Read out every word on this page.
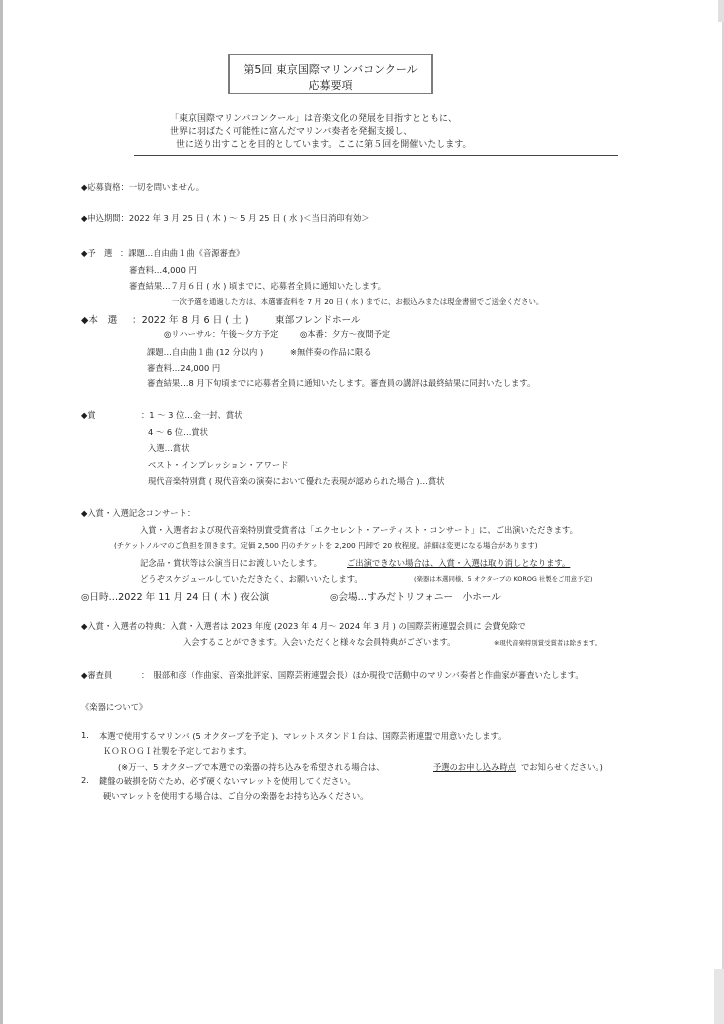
第5回 東京国際マリンバコンクール
応募要項
「東京国際マリンバコンクール」は音楽文化の発展を目指すとともに、
世界に羽ばたく可能性に富んだマリンバ奏者を発掘支援し、
世に送り出すことを目的としています。ここに第５回を開催いたします。
◆応募資格：一切を問いません。
◆申込期間：2022 年 3 月 25 日 ( 木 ) ～ 5 月 25 日 ( 水 )＜当日消印有効＞
◆予　選 ：課題…自由曲１曲《音源審査》
審査料…4,000 円
審査結果…７月６日 ( 水 ) 頃までに、応募者全員に通知いたします。
一次予選を通過した方は、本選審査料を 7 月 20 日 ( 水 ) までに、お振込みまたは現金書留でご送金ください。
◆本　選 ：2022 年 8 月 6 日 ( 土 )	東部フレンドホール
◎リハーサル：午後～夕方予定	◎本番：夕方～夜間予定
課題…自由曲１曲 (12 分以内 )	※無伴奏の作品に限る
審査料…24,000 円
審査結果…8 月下旬頃までに応募者全員に通知いたします。審査員の講評は最終結果に同封いたします。
◆賞	：1 ～ 3 位…金一封、賞状
4 ～ 6 位…賞状
入選…賞状
ベスト・インプレッション・アワード
現代音楽特別賞 ( 現代音楽の演奏において優れた表現が認められた場合 )…賞状
◆入賞・入選記念コンサート：
入賞・入選者および現代音楽特別賞受賞者は「エクセレント・アーティスト・コンサート」に、ご出演いただきます。
(チケットノルマのご負担を頂きます。定価 2,500 円のチケットを 2,200 円卸で 20 枚程度。詳細は変更になる場合があります)
記念品・賞状等は公演当日にお渡しいたします。	ご出演できない場合は、入賞・入選は取り消しとなります。
どうぞスケジュールしていただきたく、お願いいたします。	(楽器は本選同様、5 オクターブの KOROG 社製をご用意予定)
◎日時…2022 年 11 月 24 日 ( 木 ) 夜公演	◎会場…すみだトリフォニー　小ホール
◆入賞・入選者の特典：入賞・入選者は 2023 年度 (2023 年 4 月～ 2024 年 3 月 ) の国際芸術連盟会員に 会費免除で
入会することができます。入会いただくと様々な会員特典がございます。	※現代音楽特別賞受賞者は除きます。
◆審査員	：　服部和彦（作曲家、音楽批評家、国際芸術連盟会長）ほか現役で活動中のマリンバ奏者と作曲家が審査いたします。
《楽器について》
1. 本選で使用するマリンバ (5 オクターブを予定 )、マレットスタンド１台は、国際芸術連盟で用意いたします。
ＫＯＲＯＧＩ社製を予定しております。
(※万一、5 オクターブで本選での楽器の持ち込みを希望される場合は、	予選のお申し込み時点 でお知らせください。)
2. 鍵盤の破損を防ぐため、必ず硬くないマレットを使用してください。
硬いマレットを使用する場合は、ご自分の楽器をお持ち込みください。
